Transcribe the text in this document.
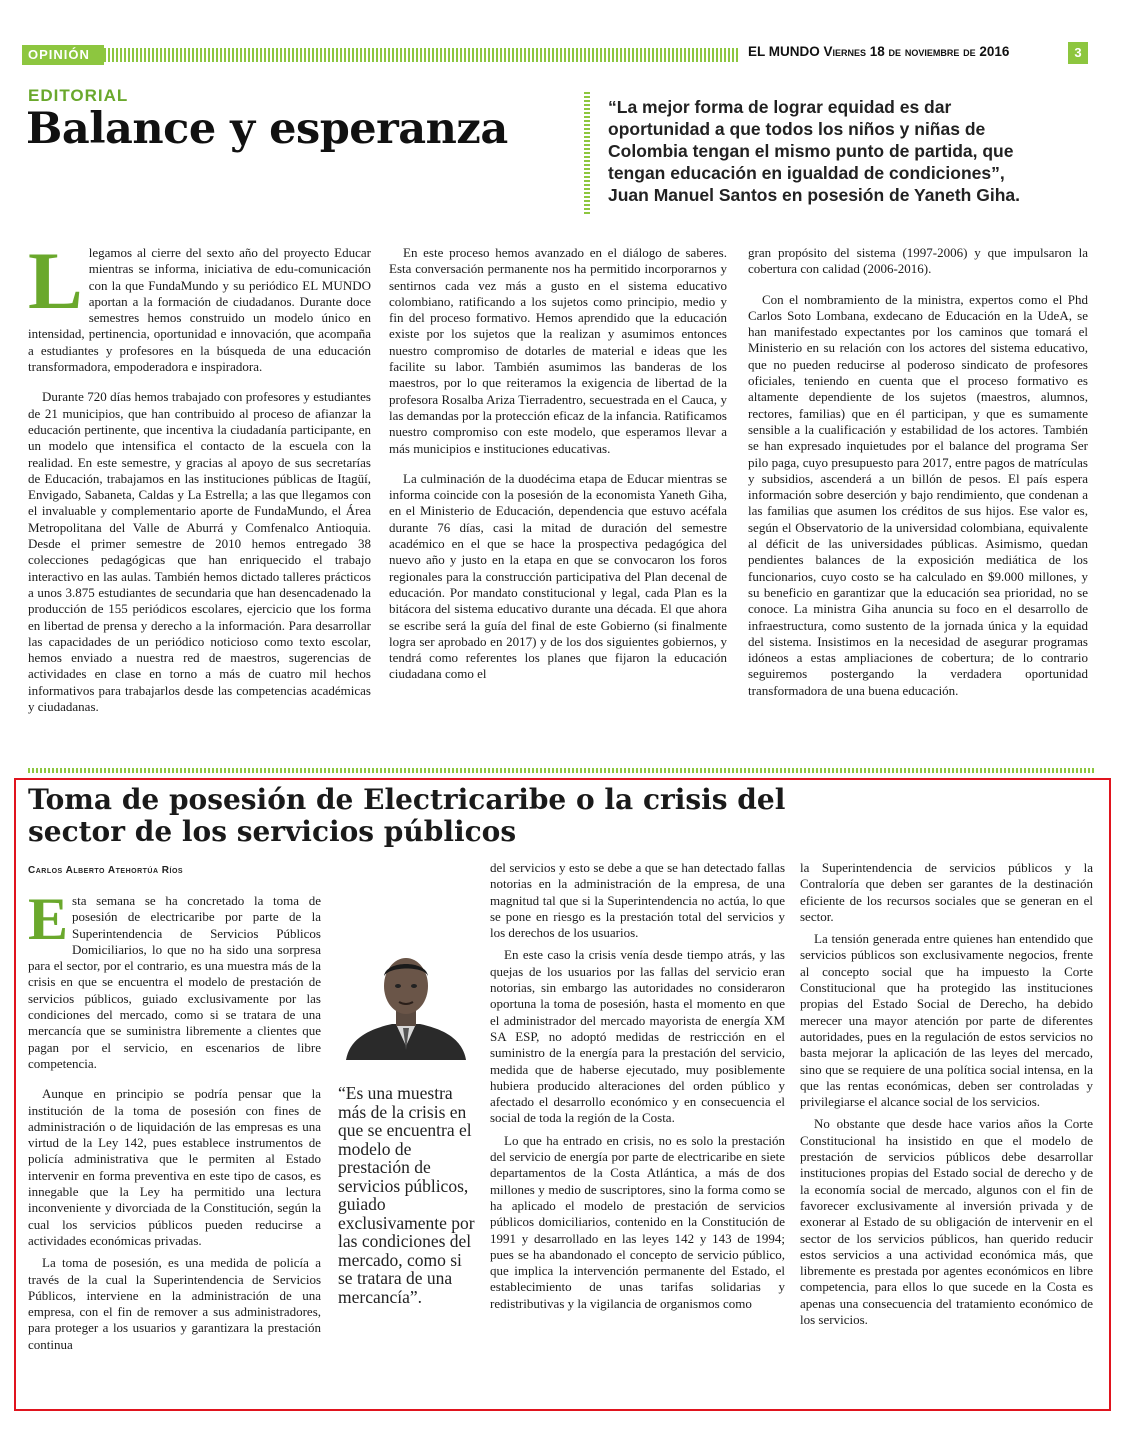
OPINIÓN	EL MUNDO Viernes 18 de noviembre de 2016	3
EDITORIAL
Balance y esperanza	“La mejor forma de lograr equidad es dar oportunidad a que todos los niños y niñas de Colombia tengan el mismo punto de partida, que tengan educación en igualdad de condiciones”, Juan Manuel Santos en posesión de Yaneth Giha.

Llegamos al cierre del sexto año del proyecto Educar mientras se informa, iniciativa de edu-comunicación con la que FundaMundo y su periódico EL MUNDO aportan a la formación de ciudadanos. Durante doce semestres hemos construido un modelo único en intensidad, pertinencia, oportunidad e innovación, que acompaña a estudiantes y profesores en la búsqueda de una educación transformadora, empoderadora e inspiradora.

Durante 720 días hemos trabajado con profesores y estudiantes de 21 municipios, que han contribuido al proceso de afianzar la educación pertinente, que incentiva la ciudadanía participante, en un modelo que intensifica el contacto de la escuela con la realidad. En este semestre, y gracias al apoyo de sus secretarías de Educación, trabajamos en las instituciones públicas de Itagüí, Envigado, Sabaneta, Caldas y La Estrella; a las que llegamos con el invaluable y complementario aporte de FundaMundo, el Área Metropolitana del Valle de Aburrá y Comfenalco Antioquia. Desde el primer semestre de 2010 hemos entregado 38 colecciones pedagógicas que han enriquecido el trabajo interactivo en las aulas. También hemos dictado talleres prácticos a unos 3.875 estudiantes de secundaria que han desencadenado la producción de 155 periódicos escolares, ejercicio que los forma en libertad de prensa y derecho a la información. Para desarrollar las capacidades de un periódico noticioso como texto escolar, hemos enviado a nuestra red de maestros, sugerencias de actividades en clase en torno a más de cuatro mil hechos informativos para trabajarlos desde las competencias académicas y ciudadanas.

En este proceso hemos avanzado en el diálogo de saberes. Esta conversación permanente nos ha permitido incorporarnos y sentirnos cada vez más a gusto en el sistema educativo colombiano, ratificando a los sujetos como principio, medio y fin del proceso formativo. Hemos aprendido que la educación existe por los sujetos que la realizan y asumimos entonces nuestro compromiso de dotarles de material e ideas que les facilite su labor. También asumimos las banderas de los maestros, por lo que reiteramos la exigencia de libertad de la profesora Rosalba Ariza Tierradentro, secuestrada en el Cauca, y las demandas por la protección eficaz de la infancia. Ratificamos nuestro compromiso con este modelo, que esperamos llevar a más municipios e instituciones educativas.

La culminación de la duodécima etapa de Educar mientras se informa coincide con la posesión de la economista Yaneth Giha, en el Ministerio de Educación, dependencia que estuvo acéfala durante 76 días, casi la mitad de duración del semestre académico en el que se hace la prospectiva pedagógica del nuevo año y justo en la etapa en que se convocaron los foros regionales para la construcción participativa del Plan decenal de educación. Por mandato constitucional y legal, cada Plan es la bitácora del sistema educativo durante una década. El que ahora se escribe será la guía del final de este Gobierno (si finalmente logra ser aprobado en 2017) y de los dos siguientes gobiernos, y tendrá como referentes los planes que fijaron la educación ciudadana como el

gran propósito del sistema (1997-2006) y que impulsaron la cobertura con calidad (2006-2016).

Con el nombramiento de la ministra, expertos como el Phd Carlos Soto Lombana, exdecano de Educación en la UdeA, se han manifestado expectantes por los caminos que tomará el Ministerio en su relación con los actores del sistema educativo, que no pueden reducirse al poderoso sindicato de profesores oficiales, teniendo en cuenta que el proceso formativo es altamente dependiente de los sujetos (maestros, alumnos, rectores, familias) que en él participan, y que es sumamente sensible a la cualificación y estabilidad de los actores. También se han expresado inquietudes por el balance del programa Ser pilo paga, cuyo presupuesto para 2017, entre pagos de matrículas y subsidios, ascenderá a un billón de pesos. El país espera información sobre deserción y bajo rendimiento, que condenan a las familias que asumen los créditos de sus hijos. Ese valor es, según el Observatorio de la universidad colombiana, equivalente al déficit de las universidades públicas. Asimismo, quedan pendientes balances de la exposición mediática de los funcionarios, cuyo costo se ha calculado en $9.000 millones, y su beneficio en garantizar que la educación sea prioridad, no se conoce. La ministra Giha anuncia su foco en el desarrollo de infraestructura, como sustento de la jornada única y la equidad del sistema. Insistimos en la necesidad de asegurar programas idóneos a estas ampliaciones de cobertura; de lo contrario seguiremos postergando la verdadera oportunidad transformadora de una buena educación.

Toma de posesión de Electricaribe o la crisis del sector de los servicios públicos
Carlos Alberto Atehortúa Ríos

Esta semana se ha concretado la toma de posesión de electricaribe por parte de la Superintendencia de Servicios Públicos Domiciliarios, lo que no ha sido una sorpresa para el sector, por el contrario, es una muestra más de la crisis en que se encuentra el modelo de prestación de servicios públicos, guiado exclusivamente por las condiciones del mercado, como si se tratara de una mercancía que se suministra libremente a clientes que pagan por el servicio, en escenarios de libre competencia.

Aunque en principio se podría pensar que la institución de la toma de posesión con fines de administración o de liquidación de las empresas es una virtud de la Ley 142, pues establece instrumentos de policía administrativa que le permiten al Estado intervenir en forma preventiva en este tipo de casos, es innegable que la Ley ha permitido una lectura inconveniente y divorciada de la Constitución, según la cual los servicios públicos pueden reducirse a actividades económicas privadas.

La toma de posesión, es una medida de policía a través de la cual la Superintendencia de Servicios Públicos, interviene en la administración de una empresa, con el fin de remover a sus administradores, para proteger a los usuarios y garantizara la prestación continua

“Es una muestra más de la crisis en que se encuentra el modelo de prestación de servicios públicos, guiado exclusivamente por las condiciones del mercado, como si se tratara de una mercancía”.

del servicios y esto se debe a que se han detectado fallas notorias en la administración de la empresa, de una magnitud tal que si la Superintendencia no actúa, lo que se pone en riesgo es la prestación total del servicios y los derechos de los usuarios.

En este caso la crisis venía desde tiempo atrás, y las quejas de los usuarios por las fallas del servicio eran notorias, sin embargo las autoridades no consideraron oportuna la toma de posesión, hasta el momento en que el administrador del mercado mayorista de energía XM SA ESP, no adoptó medidas de restricción en el suministro de la energía para la prestación del servicio, medida que de haberse ejecutado, muy posiblemente hubiera producido alteraciones del orden público y afectado el desarrollo económico y en consecuencia el social de toda la región de la Costa.

Lo que ha entrado en crisis, no es solo la prestación del servicio de energía por parte de electricaribe en siete departamentos de la Costa Atlántica, a más de dos millones y medio de suscriptores, sino la forma como se ha aplicado el modelo de prestación de servicios públicos domiciliarios, contenido en la Constitución de 1991 y desarrollado en las leyes 142 y 143 de 1994; pues se ha abandonado el concepto de servicio público, que implica la intervención permanente del Estado, el establecimiento de unas tarifas solidarias y redistributivas y la vigilancia de organismos como

la Superintendencia de servicios públicos y la Contraloría que deben ser garantes de la destinación eficiente de los recursos sociales que se generan en el sector.

La tensión generada entre quienes han entendido que servicios públicos son exclusivamente negocios, frente al concepto social que ha impuesto la Corte Constitucional que ha protegido las instituciones propias del Estado Social de Derecho, ha debido merecer una mayor atención por parte de diferentes autoridades, pues en la regulación de estos servicios no basta mejorar la aplicación de las leyes del mercado, sino que se requiere de una política social intensa, en la que las rentas económicas, deben ser controladas y privilegiarse el alcance social de los servicios.

No obstante que desde hace varios años la Corte Constitucional ha insistido en que el modelo de prestación de servicios públicos debe desarrollar instituciones propias del Estado social de derecho y de la economía social de mercado, algunos con el fin de favorecer exclusivamente al inversión privada y de exonerar al Estado de su obligación de intervenir en el sector de los servicios públicos, han querido reducir estos servicios a una actividad económica más, que libremente es prestada por agentes económicos en libre competencia, para ellos lo que sucede en la Costa es apenas una consecuencia del tratamiento económico de los servicios.
